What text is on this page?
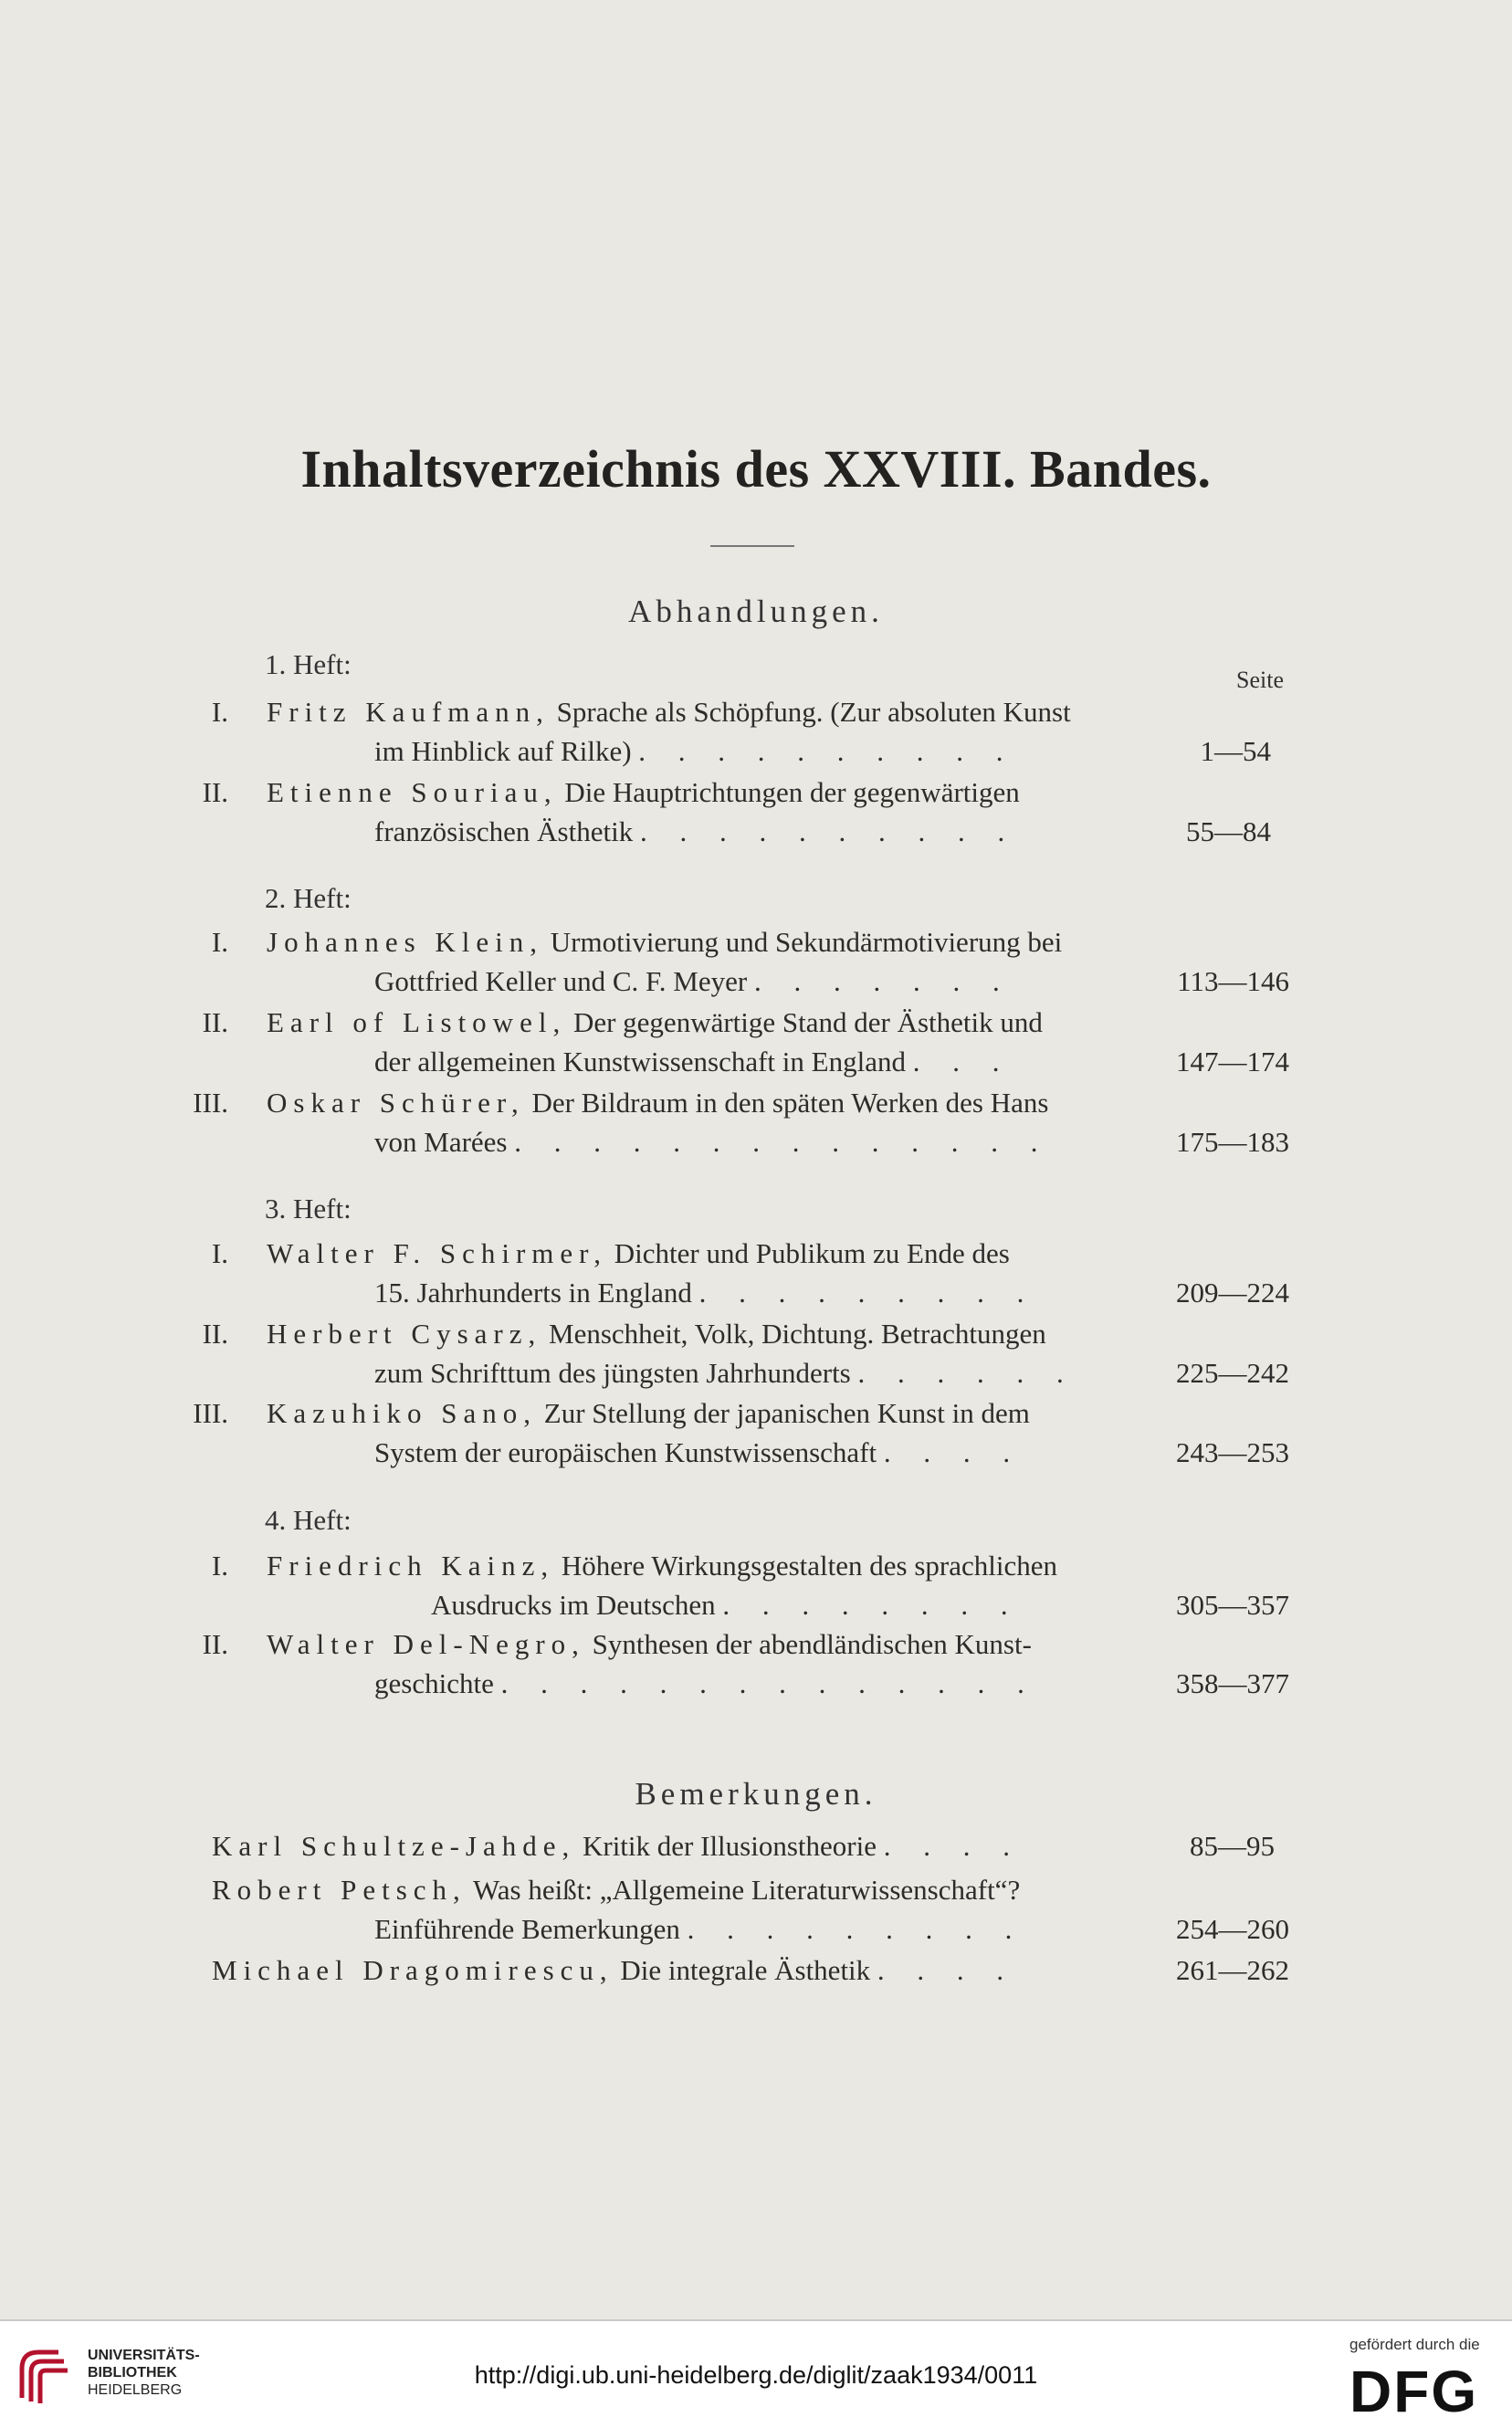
Inhaltsverzeichnis des XXVIII. Bandes.
Abhandlungen.
Seite
1. Heft:
I. Fritz Kaufmann, Sprache als Schöpfung. (Zur absoluten Kunst
im Hinblick auf Rilke) . . . . . . . . . .	1—54
II. Etienne Souriau, Die Hauptrichtungen der gegenwärtigen
französischen Ästhetik . . . . . . . . . .	55—84
2. Heft:
I. Johannes Klein, Urmotivierung und Sekundärmotivierung bei
Gottfried Keller und C. F. Meyer . . . . . . .	113—146
II. Earl of Listowel, Der gegenwärtige Stand der Ästhetik und
der allgemeinen Kunstwissenschaft in England . . .	147—174
III. Oskar Schürer, Der Bildraum in den späten Werken des Hans
von Marées . . . . . . . . . . . . . .	175—183
3. Heft:
I. Walter F. Schirmer, Dichter und Publikum zu Ende des
15. Jahrhunderts in England . . . . . . . . .	209—224
II. Herbert Cysarz, Menschheit, Volk, Dichtung. Betrachtungen
zum Schrifttum des jüngsten Jahrhunderts . . . . . .	225—242
III. Kazuhiko Sano, Zur Stellung der japanischen Kunst in dem
System der europäischen Kunstwissenschaft . . . .	243—253
4. Heft:
I. Friedrich Kainz, Höhere Wirkungsgestalten des sprachlichen
Ausdrucks im Deutschen . . . . . . . .	305—357
II. Walter Del-Negro, Synthesen der abendländischen Kunst-
geschichte . . . . . . . . . . . . . .	358—377
Bemerkungen.
Karl Schultze-Jahde, Kritik der Illusionstheorie . . . .	85—95
Robert Petsch, Was heißt: „Allgemeine Literaturwissenschaft“?
Einführende Bemerkungen . . . . . . . . .	254—260
Michael Dragomirescu, Die integrale Ästhetik . . . .	261—262
UNIVERSITÄTS-
BIBLIOTHEK
HEIDELBERG
http://digi.ub.uni-heidelberg.de/diglit/zaak1934/0011
gefördert durch die
DFG
